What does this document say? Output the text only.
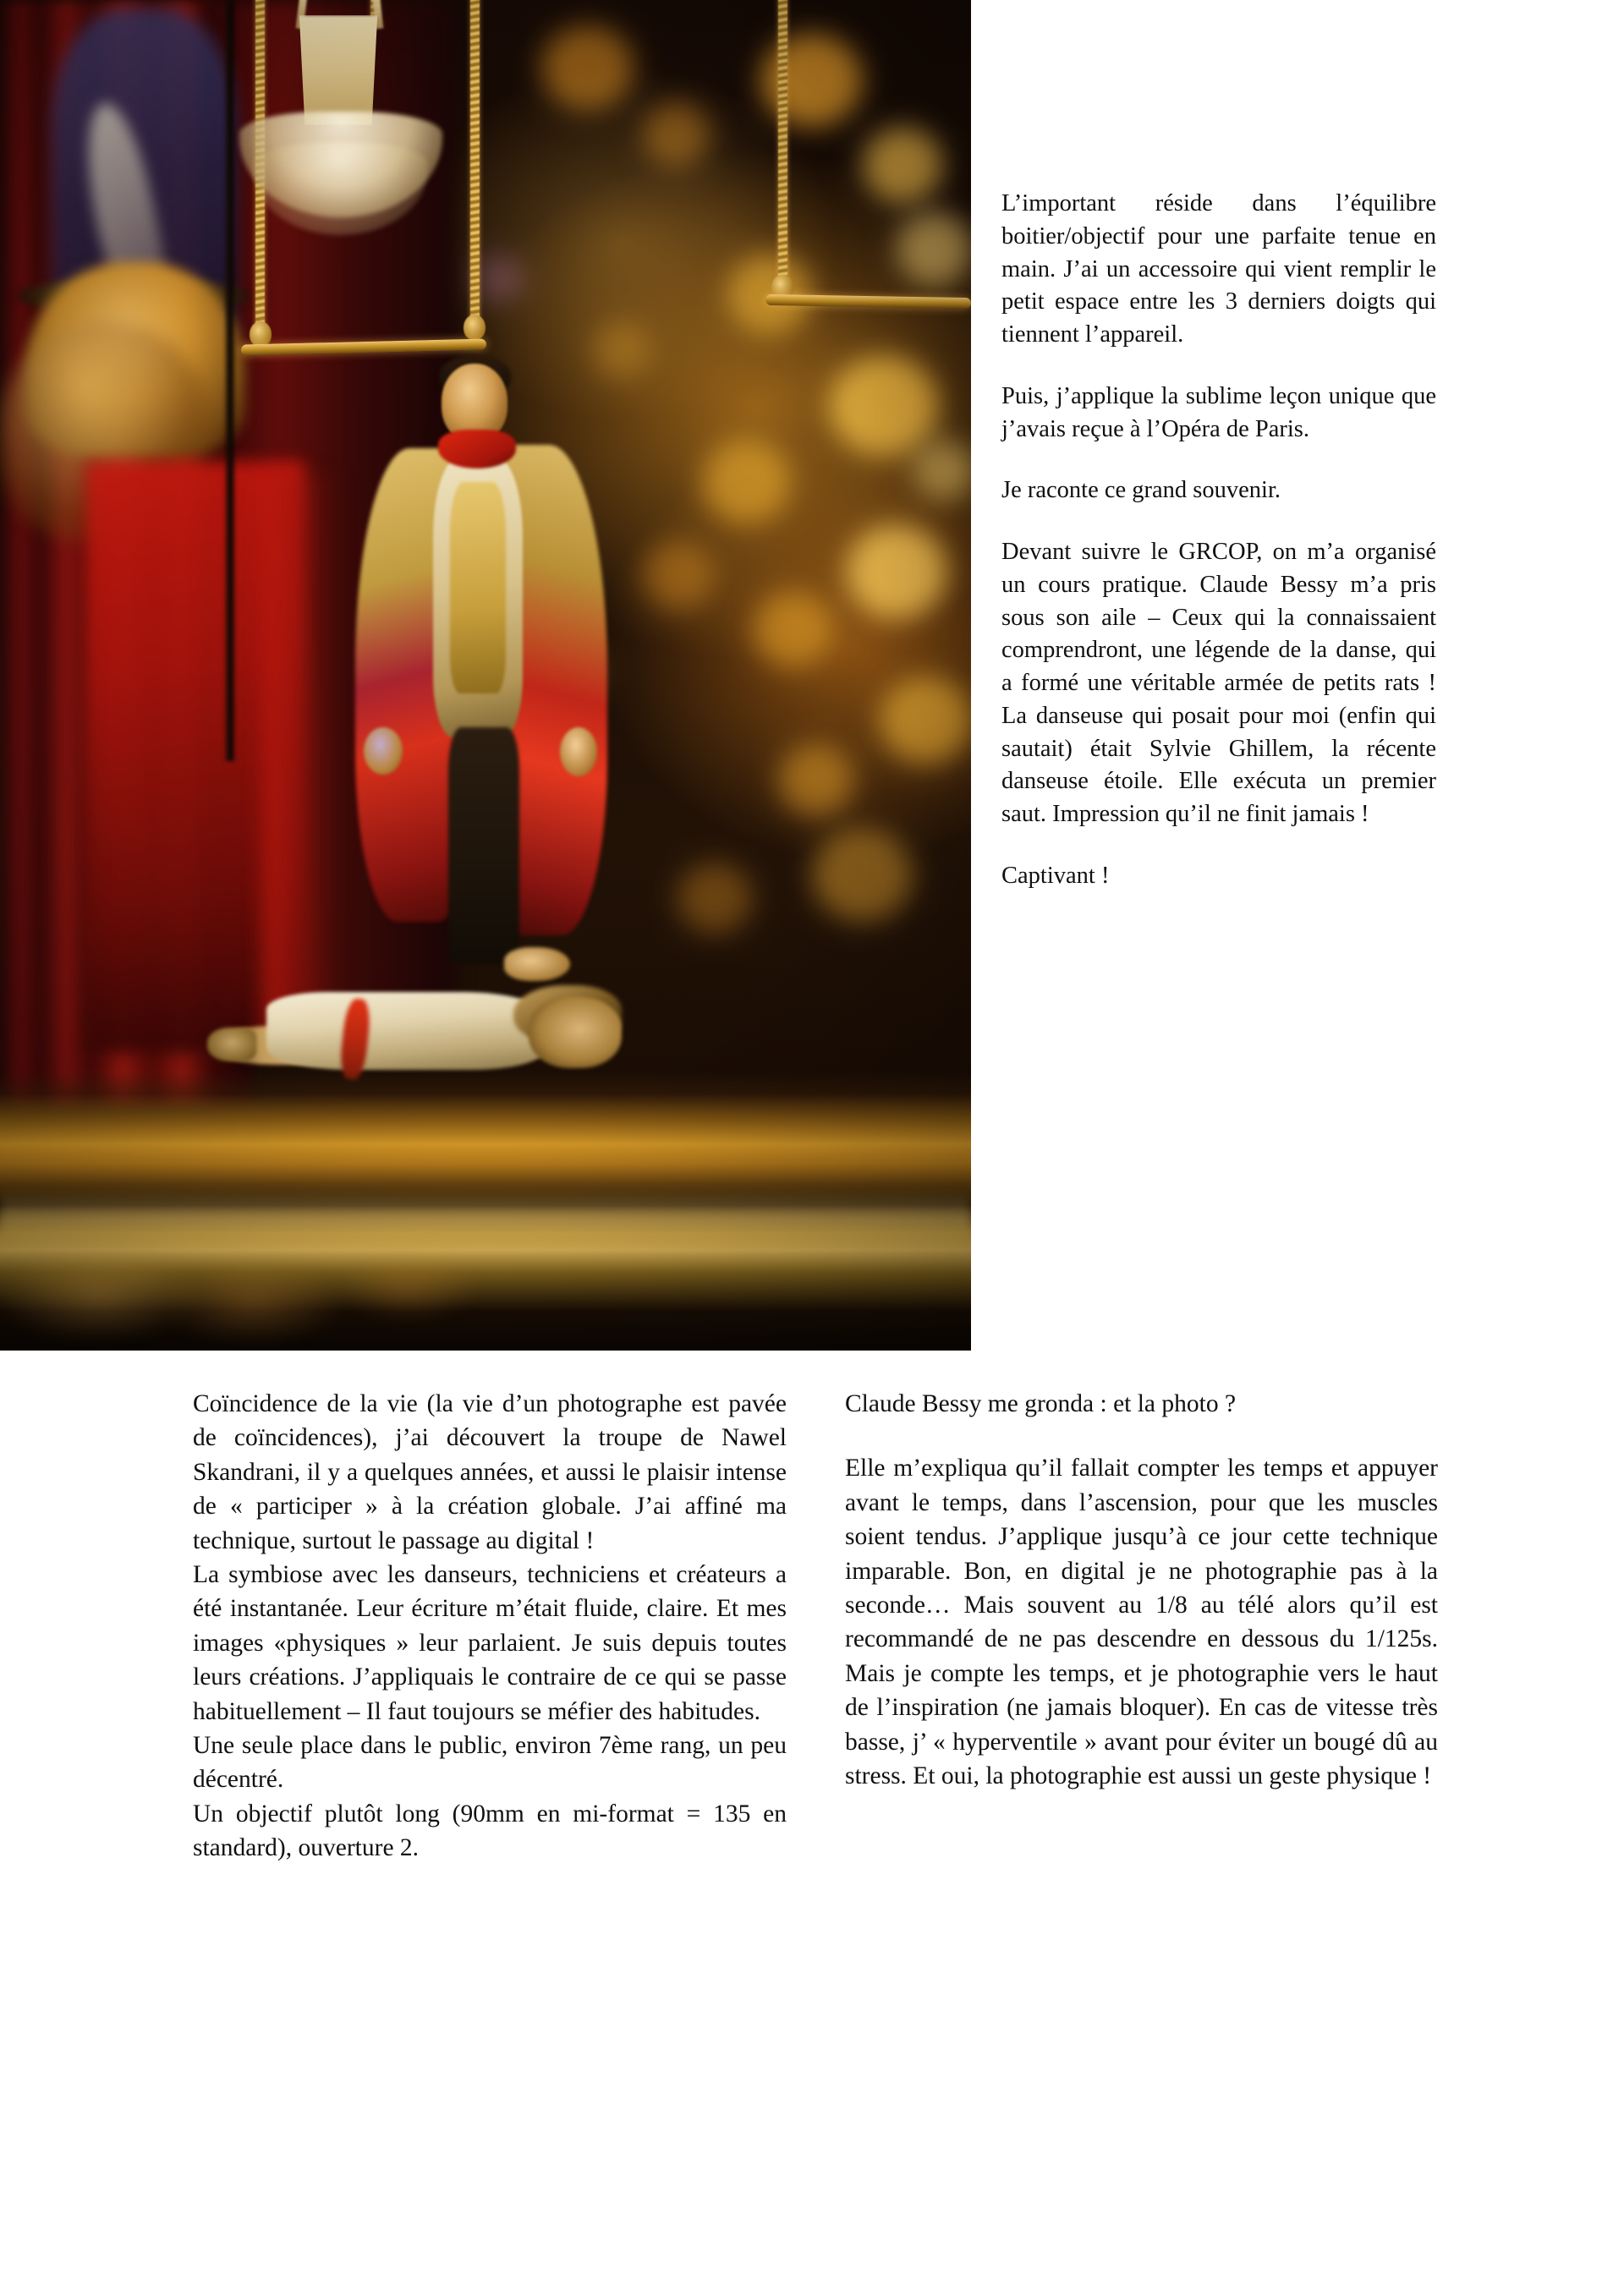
L’important réside dans l’équilibre boitier/objectif pour une parfaite tenue en main. J’ai un accessoire qui vient remplir le petit espace entre les 3 derniers doigts qui tiennent l’appareil.

Puis, j’applique la sublime leçon unique que j’avais reçue à l’Opéra de Paris.

Je raconte ce grand souvenir.

Devant suivre le GRCOP, on m’a organisé un cours pratique. Claude Bessy m’a pris sous son aile – Ceux qui la connaissaient comprendront, une légende de la danse, qui a formé une véritable armée de petits rats ! La danseuse qui posait pour moi (enfin qui sautait) était Sylvie Ghillem, la récente danseuse étoile. Elle exécuta un premier saut. Impression qu’il ne finit jamais !

Captivant !

Coïncidence de la vie (la vie d’un photographe est pavée de coïncidences), j’ai découvert la troupe de Nawel Skandrani, il y a quelques années, et aussi le plaisir intense de « participer » à la création globale. J’ai affiné ma technique, surtout le passage au digital !

La symbiose avec les danseurs, techniciens et créateurs a été instantanée. Leur écriture m’était fluide, claire. Et mes images «physiques » leur parlaient. Je suis depuis toutes leurs créations. J’appliquais le contraire de ce qui se passe habituellement – Il faut toujours se méfier des habitudes.

Une seule place dans le public, environ 7ème rang, un peu décentré.

Un objectif plutôt long (90mm en mi-format = 135 en standard), ouverture 2.

Claude Bessy me gronda : et la photo ?

Elle m’expliqua qu’il fallait compter les temps et appuyer avant le temps, dans l’ascension, pour que les muscles soient tendus. J’applique jusqu’à ce jour cette technique imparable. Bon, en digital je ne photographie pas à la seconde… Mais souvent au 1/8 au télé alors qu’il est recommandé de ne pas descendre en dessous du 1/125s. Mais je compte les temps, et je photographie vers le haut de l’inspiration (ne jamais bloquer). En cas de vitesse très basse, j’ « hyperventile » avant pour éviter un bougé dû au stress. Et oui, la photographie est aussi un geste physique !
